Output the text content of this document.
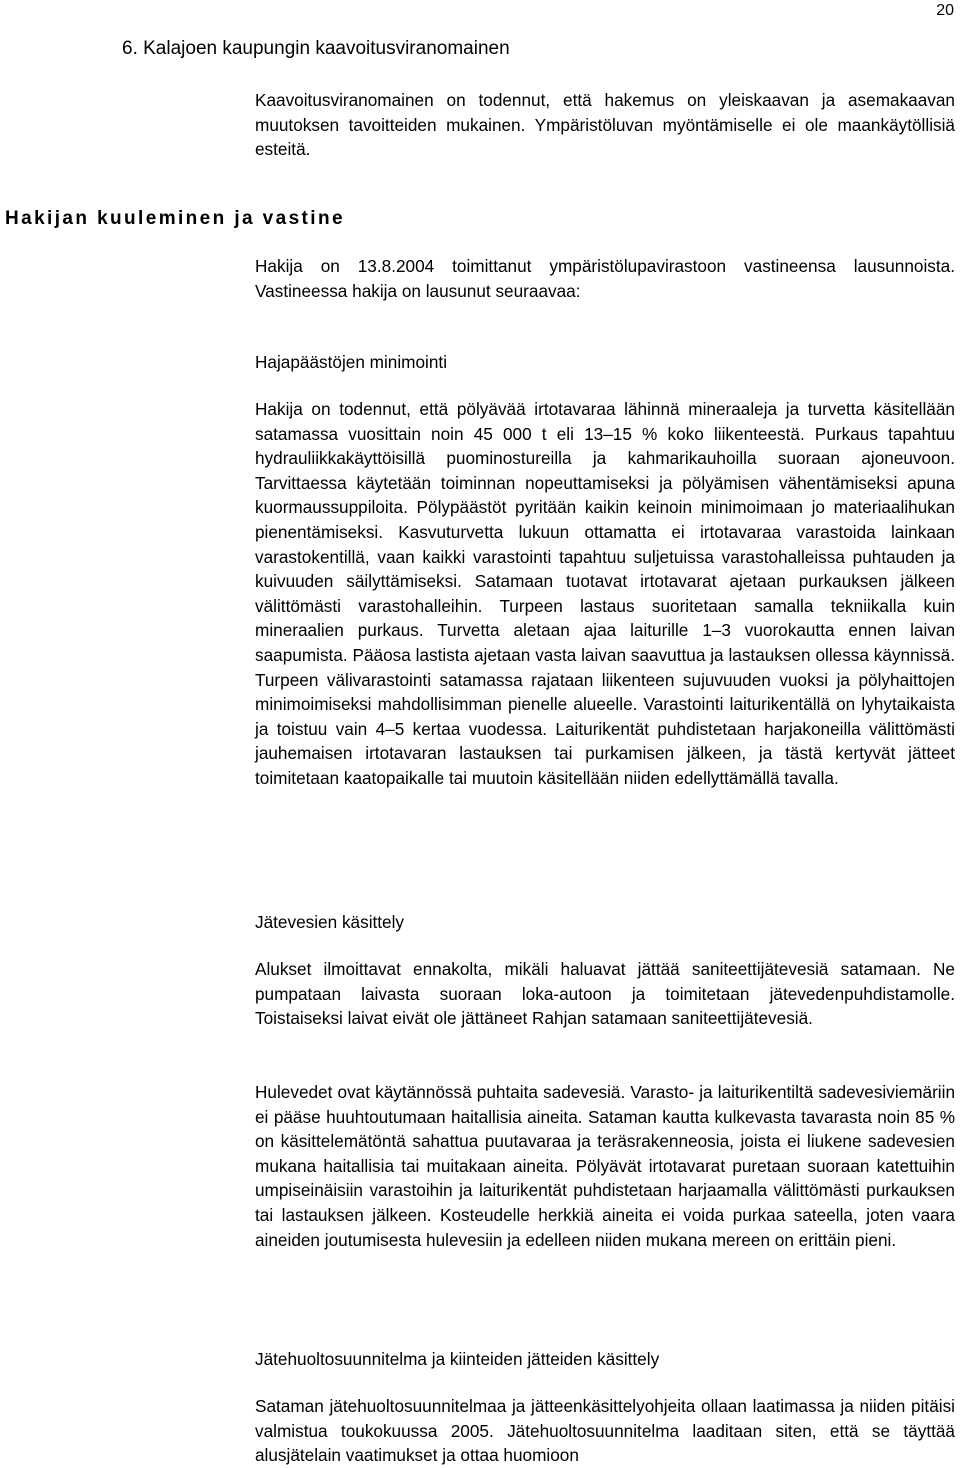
20
6. Kalajoen kaupungin kaavoitusviranomainen

Kaavoitusviranomainen on todennut, että hakemus on yleiskaavan ja asemakaavan muutoksen tavoitteiden mukainen. Ympäristöluvan myöntämiselle ei ole maankäytöllisiä esteitä.

Hakijan kuuleminen ja vastine

Hakija on 13.8.2004 toimittanut ympäristölupavirastoon vastineensa lausunnoista. Vastineessa hakija on lausunut seuraavaa:

Hajapäästöjen minimointi

Hakija on todennut, että pölyävää irtotavaraa lähinnä mineraaleja ja turvetta käsitellään satamassa vuosittain noin 45 000 t eli 13–15 % koko liikenteestä. Purkaus tapahtuu hydrauliikkakäyttöisillä puominostureilla ja kahmarikauhoilla suoraan ajoneuvoon. Tarvittaessa käytetään toiminnan nopeuttamiseksi ja pölyämisen vähentämiseksi apuna kuormaussuppiloita. Pölypäästöt pyritään kaikin keinoin minimoimaan jo materiaalihukan pienentämiseksi. Kasvuturvetta lukuun ottamatta ei irtotavaraa varastoida lainkaan varastokentillä, vaan kaikki varastointi tapahtuu suljetuissa varastohalleissa puhtauden ja kuivuuden säilyttämiseksi. Satamaan tuotavat irtotavarat ajetaan purkauksen jälkeen välittömästi varastohalleihin. Turpeen lastaus suoritetaan samalla tekniikalla kuin mineraalien purkaus. Turvetta aletaan ajaa laiturille 1–3 vuorokautta ennen laivan saapumista. Pääosa lastista ajetaan vasta laivan saavuttua ja lastauksen ollessa käynnissä. Turpeen välivarastointi satamassa rajataan liikenteen sujuvuuden vuoksi ja pölyhaittojen minimoimiseksi mahdollisimman pienelle alueelle. Varastointi laiturikentällä on lyhytaikaista ja toistuu vain 4–5 kertaa vuodessa. Laiturikentät puhdistetaan harjakoneilla välittömästi jauhemaisen irtotavaran lastauksen tai purkamisen jälkeen, ja tästä kertyvät jätteet toimitetaan kaatopaikalle tai muutoin käsitellään niiden edellyttämällä tavalla.

Jätevesien käsittely

Alukset ilmoittavat ennakolta, mikäli haluavat jättää saniteettijätevesiä satamaan. Ne pumpataan laivasta suoraan loka-autoon ja toimitetaan jätevedenpuhdistamolle. Toistaiseksi laivat eivät ole jättäneet Rahjan satamaan saniteettijätevesiä.

Hulevedet ovat käytännössä puhtaita sadevesiä. Varasto- ja laiturikentiltä sadevesiviemäriin ei pääse huuhtoutumaan haitallisia aineita. Sataman kautta kulkevasta tavarasta noin 85 % on käsittelemätöntä sahattua puutavaraa ja teräsrakenneosia, joista ei liukene sadevesien mukana haitallisia tai muitakaan aineita. Pölyävät irtotavarat puretaan suoraan katettuihin umpiseinäisiin varastoihin ja laiturikentät puhdistetaan harjaamalla välittömästi purkauksen tai lastauksen jälkeen. Kosteudelle herkkiä aineita ei voida purkaa sateella, joten vaara aineiden joutumisesta hulevesiin ja edelleen niiden mukana mereen on erittäin pieni.

Jätehuoltosuunnitelma ja kiinteiden jätteiden käsittely

Sataman jätehuoltosuunnitelmaa ja jätteenkäsittelyohjeita ollaan laatimassa ja niiden pitäisi valmistua toukokuussa 2005. Jätehuoltosuunnitelma laaditaan siten, että se täyttää alusjätelain vaatimukset ja ottaa huomioon
